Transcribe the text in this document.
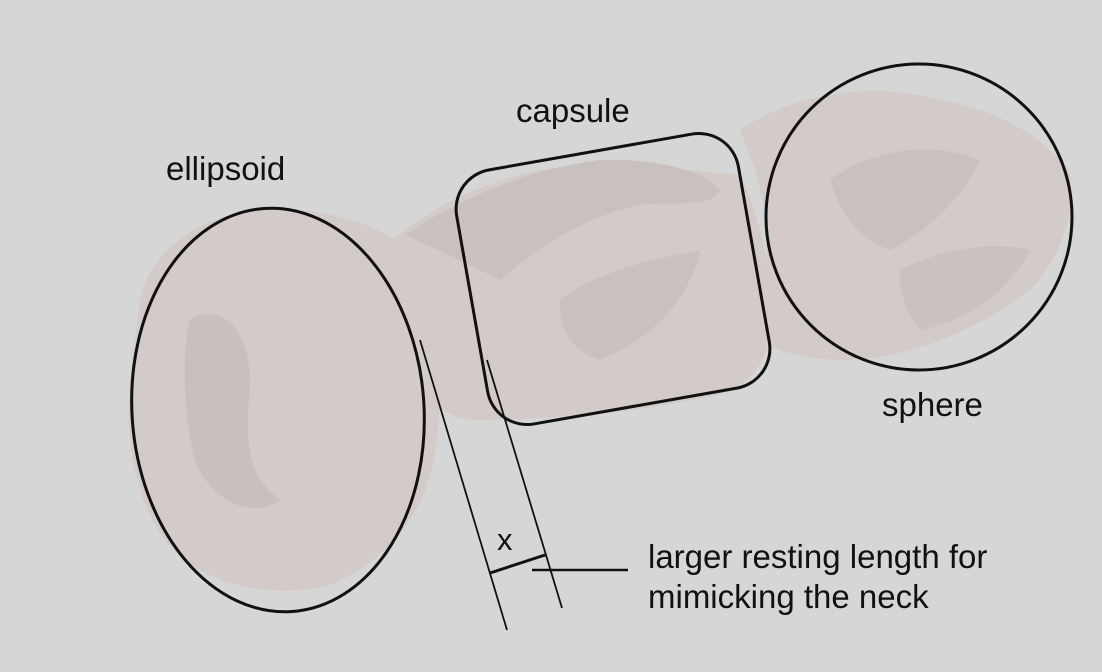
ellipsoid
capsule
sphere
x	larger resting length for
mimicking the neck
